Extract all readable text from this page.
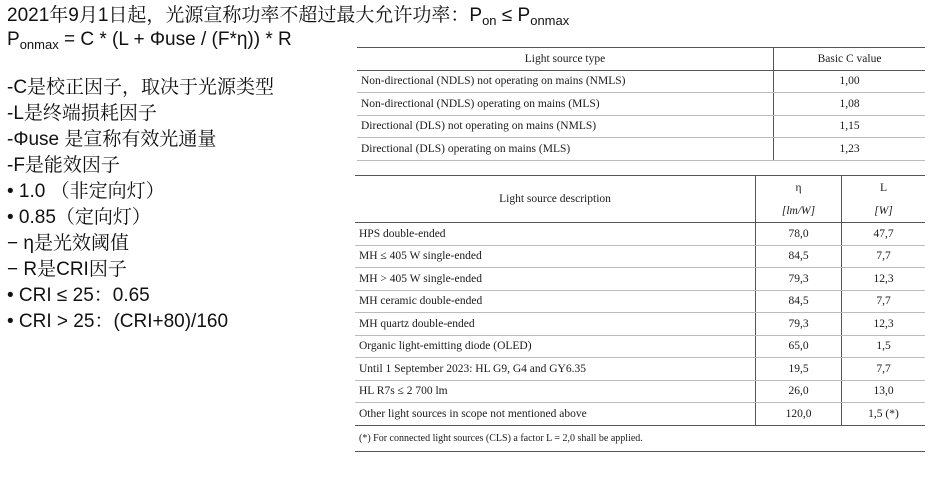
2021年9月1日起，光源宣称功率不超过最大允许功率：$P_{on} \le P_{onmax}$
$P_{onmax} = C * (L + \Phi use / (F*\eta)) * R$
-C是校正因子，取决于光源类型
-L是终端损耗因子
-Φuse 是宣称有效光通量
-F是能效因子
• 1.0 （非定向灯）
• 0.85（定向灯）
− η是光效阈值
− R是CRI因子
• CRI ≤ 25：0.65
• CRI > 25：(CRI+80)/160
Light source type	Basic C value
Non-directional (NDLS) not operating on mains (NMLS)	1,00
Non-directional (NDLS) operating on mains (MLS)	1,08
Directional (DLS) not operating on mains (NMLS)	1,15
Directional (DLS) operating on mains (MLS)	1,23
Light source description	η	L
	[lm/W]	[W]
HPS double-ended	78,0	47,7
MH ≤ 405 W single-ended	84,5	7,7
MH > 405 W single-ended	79,3	12,3
MH ceramic double-ended	84,5	7,7
MH quartz double-ended	79,3	12,3
Organic light-emitting diode (OLED)	65,0	1,5
Until 1 September 2023: HL G9, G4 and GY6.35	19,5	7,7
HL R7s ≤ 2 700 lm	26,0	13,0
Other light sources in scope not mentioned above	120,0	1,5 (*)
(*) For connected light sources (CLS) a factor L = 2,0 shall be applied.		
